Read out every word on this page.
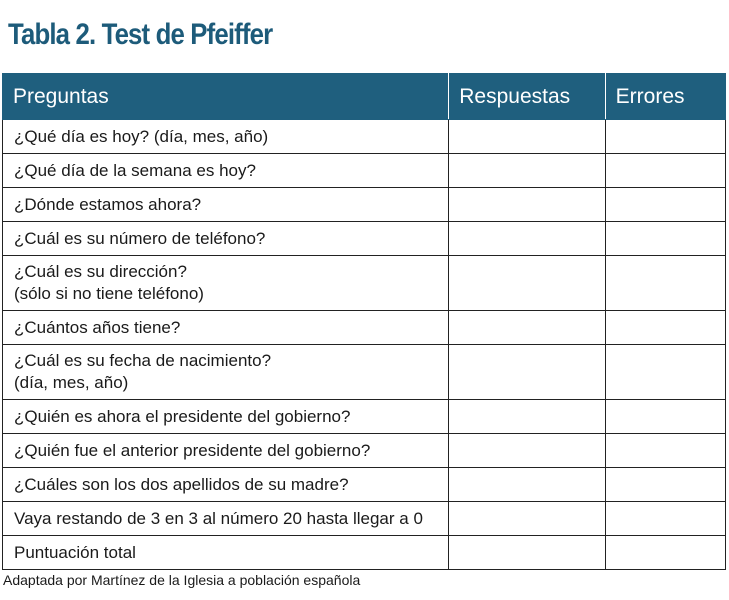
Tabla 2. Test de Pfeiffer
Preguntas	Respuestas	Errores

¿Qué día es hoy? (día, mes, año)		

¿Qué día de la semana es hoy?		

¿Dónde estamos ahora?		

¿Cuál es su número de teléfono?		

¿Cuál es su dirección?
(sólo si no tiene teléfono)		

¿Cuántos años tiene?		

¿Cuál es su fecha de nacimiento?
(día, mes, año)		

¿Quién es ahora el presidente del gobierno?		

¿Quién fue el anterior presidente del gobierno?		

¿Cuáles son los dos apellidos de su madre?		

Vaya restando de 3 en 3 al número 20 hasta llegar a 0		

Puntuación total		

Adaptada por Martínez de la Iglesia a población española
